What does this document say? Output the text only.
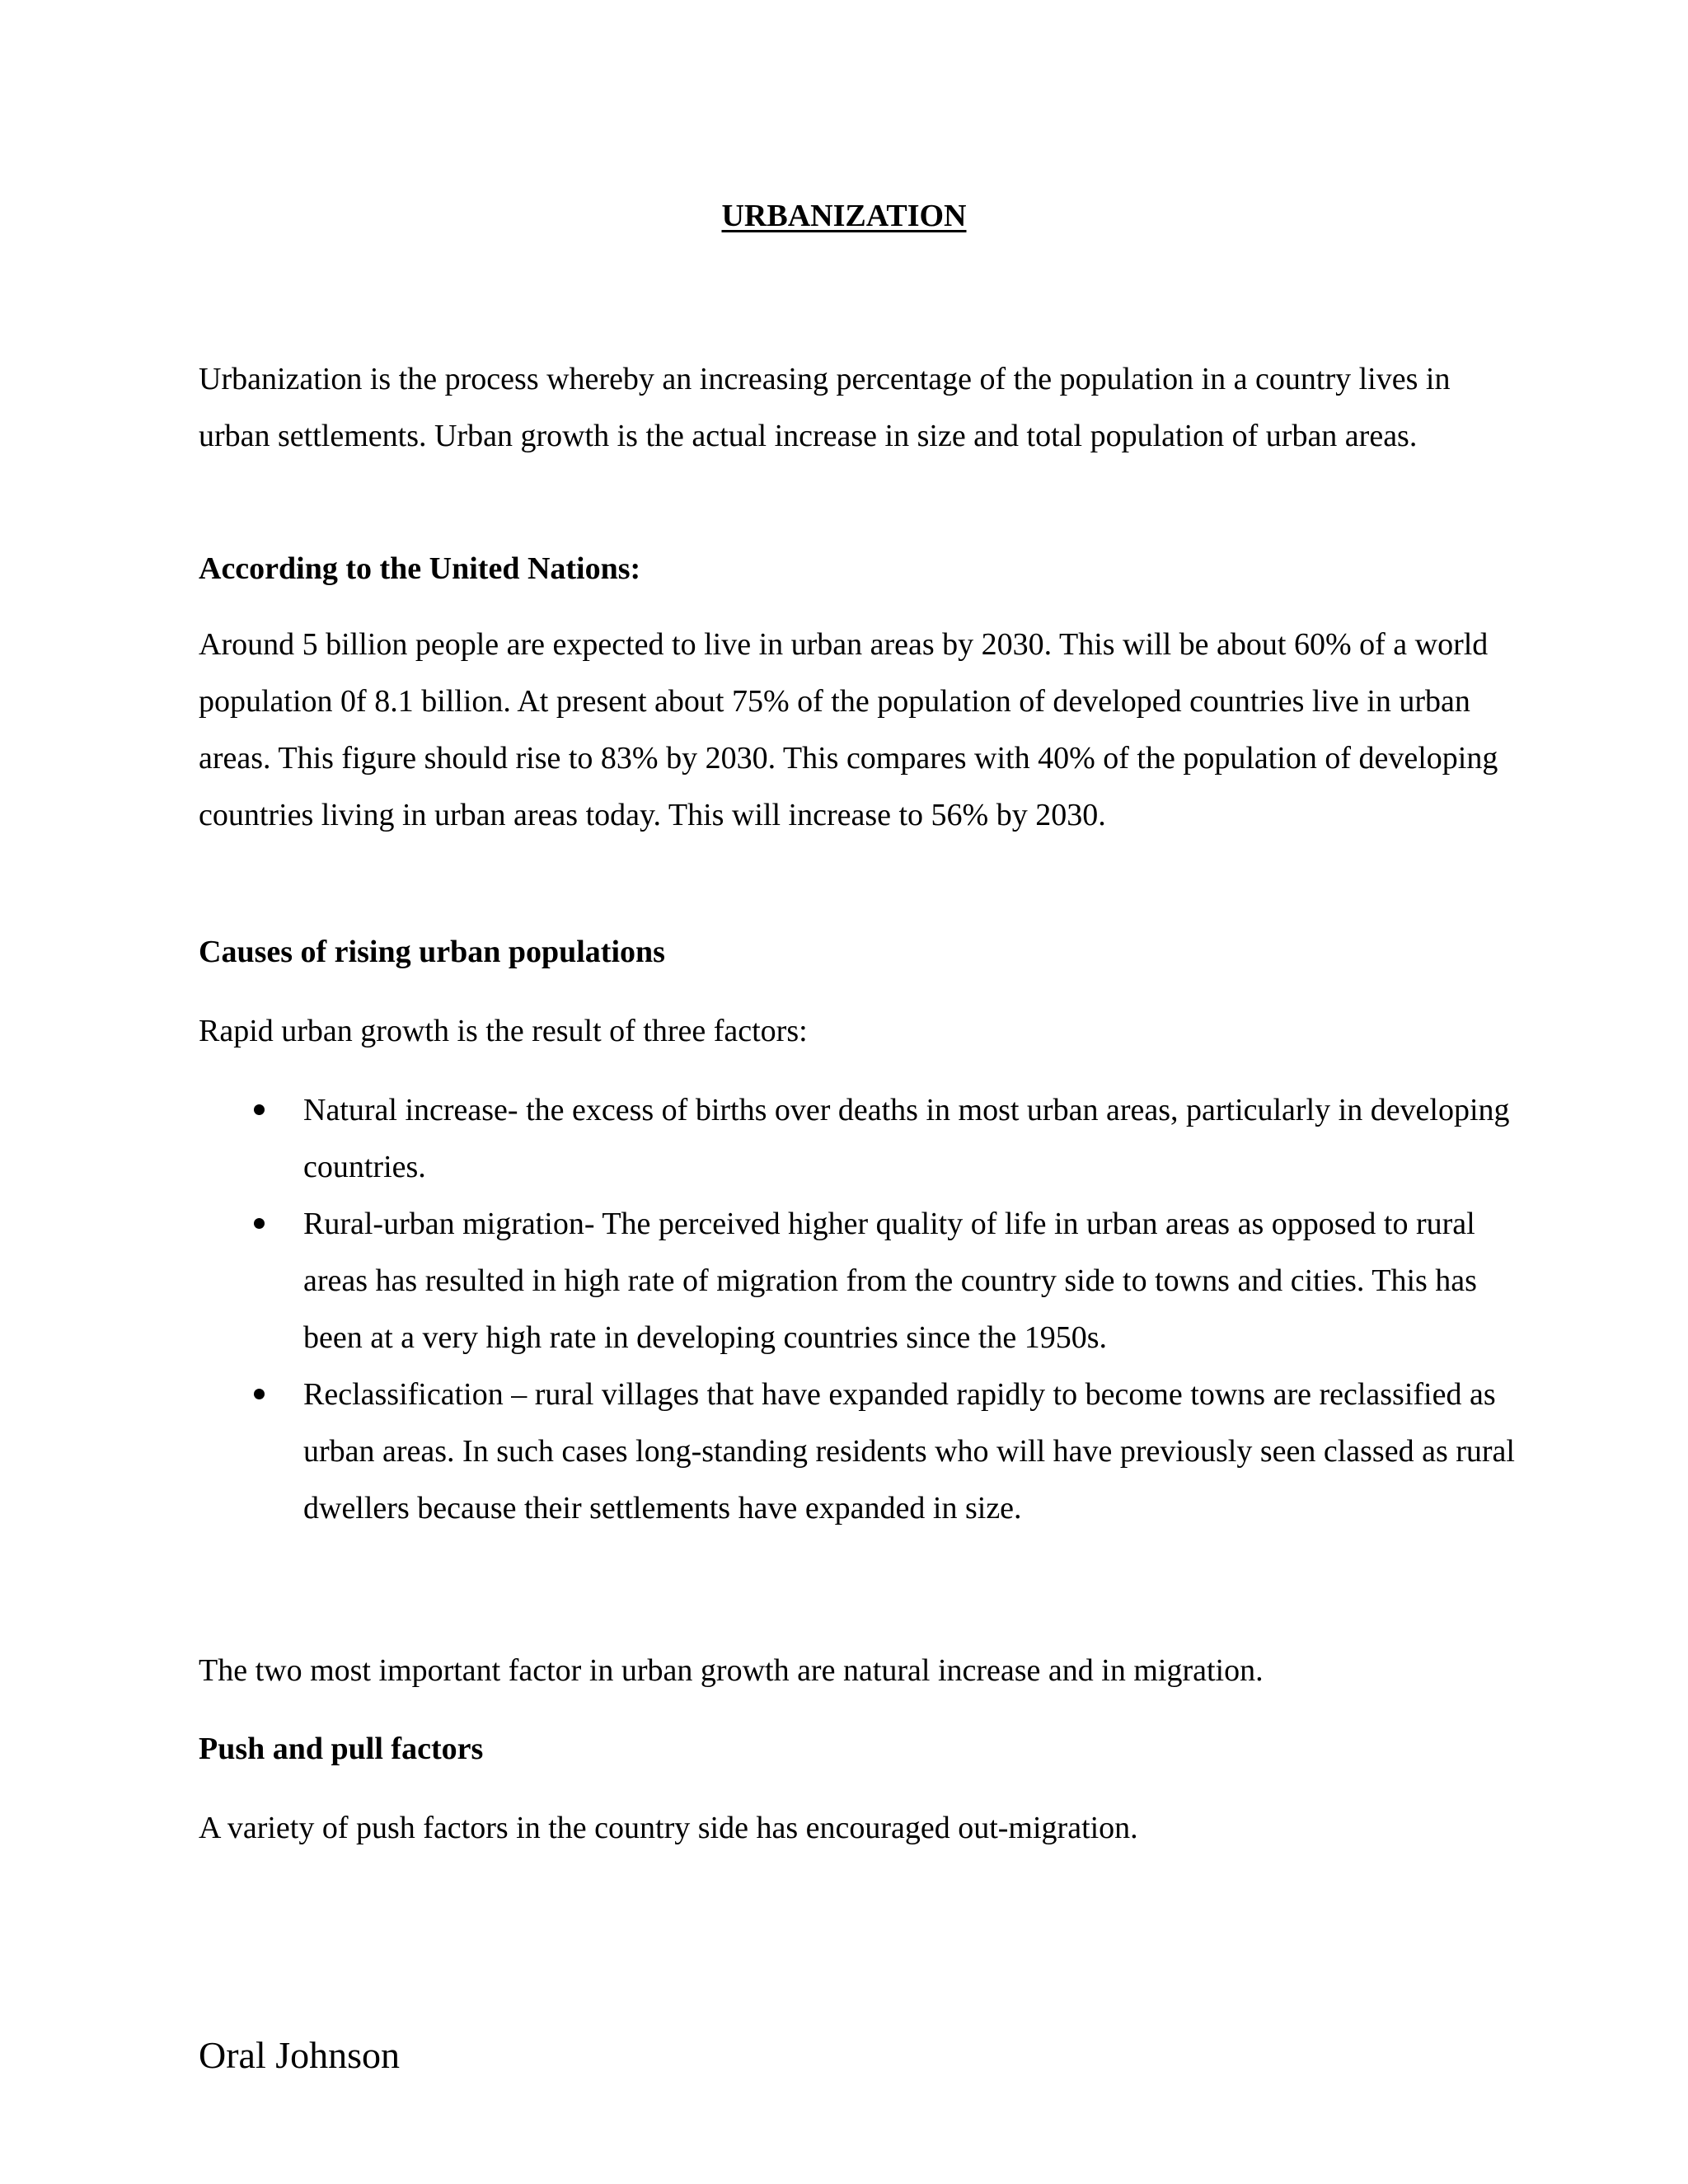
URBANIZATION

Urbanization is the process whereby an increasing percentage of the population in a country lives in urban settlements. Urban growth is the actual increase in size and total population of urban areas.

According to the United Nations:

Around 5 billion people are expected to live in urban areas by 2030. This will be about 60% of a world population 0f 8.1 billion. At present about 75% of the population of developed countries live in urban areas. This figure should rise to 83% by 2030. This compares with 40% of the population of developing countries living in urban areas today. This will increase to 56% by 2030.

Causes of rising urban populations

Rapid urban growth is the result of three factors:

Natural increase- the excess of births over deaths in most urban areas, particularly in developing countries.
Rural-urban migration- The perceived higher quality of life in urban areas as opposed to rural areas has resulted in high rate of migration from the country side to towns and cities. This has been at a very high rate in developing countries since the 1950s.
Reclassification – rural villages that have expanded rapidly to become towns are reclassified as urban areas. In such cases long-standing residents who will have previously seen classed as rural dwellers because their settlements have expanded in size.

The two most important factor in urban growth are natural increase and in migration.

Push and pull factors

A variety of push factors in the country side has encouraged out-migration.

Oral Johnson
